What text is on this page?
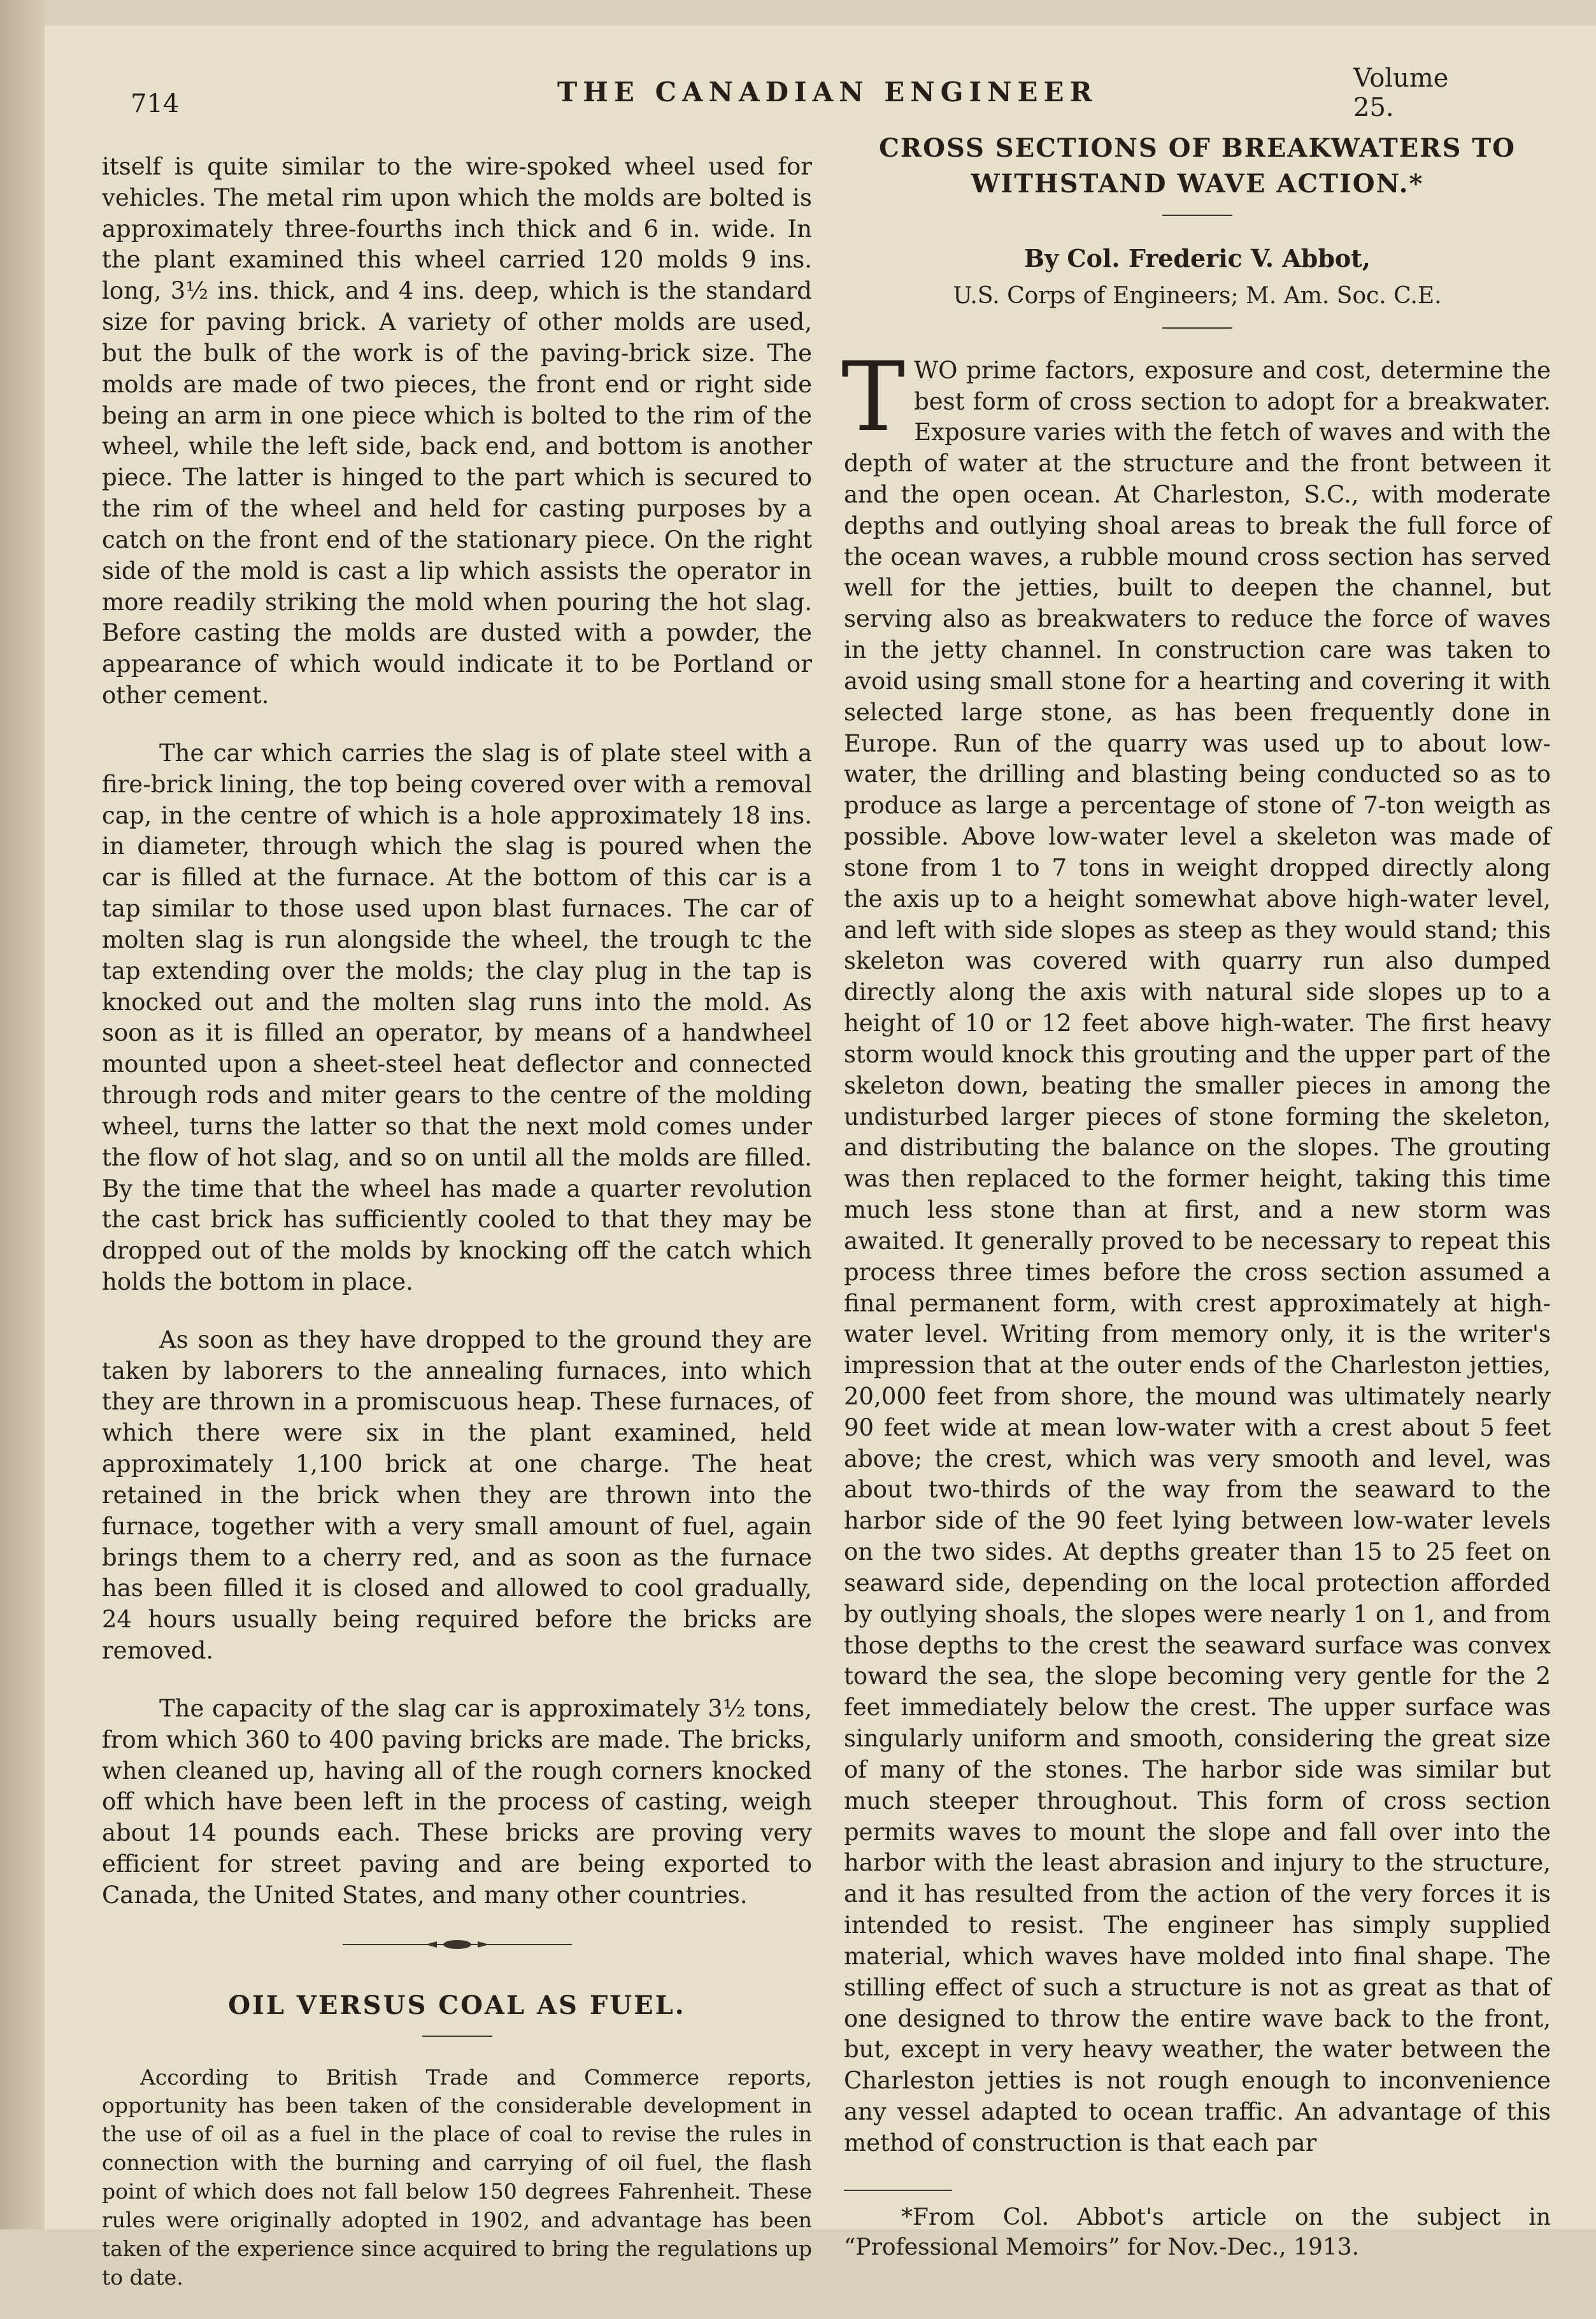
714	THE CANADIAN ENGINEER	Volume 25.

itself is quite similar to the wire-spoked wheel used for vehicles. The metal rim upon which the molds are bolted is approximately three-fourths inch thick and 6 in. wide. In the plant examined this wheel carried 120 molds 9 ins. long, 3½ ins. thick, and 4 ins. deep, which is the standard size for paving brick. A variety of other molds are used, but the bulk of the work is of the paving-brick size. The molds are made of two pieces, the front end or right side being an arm in one piece which is bolted to the rim of the wheel, while the left side, back end, and bottom is another piece. The latter is hinged to the part which is secured to the rim of the wheel and held for casting purposes by a catch on the front end of the stationary piece. On the right side of the mold is cast a lip which assists the operator in more readily striking the mold when pouring the hot slag. Before casting the molds are dusted with a powder, the appearance of which would indicate it to be Portland or other cement.

The car which carries the slag is of plate steel with a fire-brick lining, the top being covered over with a removal cap, in the centre of which is a hole approximately 18 ins. in diameter, through which the slag is poured when the car is filled at the furnace. At the bottom of this car is a tap similar to those used upon blast furnaces. The car of molten slag is run alongside the wheel, the trough tc the tap extending over the molds; the clay plug in the tap is knocked out and the molten slag runs into the mold. As soon as it is filled an operator, by means of a handwheel mounted upon a sheet-steel heat deflector and connected through rods and miter gears to the centre of the molding wheel, turns the latter so that the next mold comes under the flow of hot slag, and so on until all the molds are filled. By the time that the wheel has made a quarter revolution the cast brick has sufficiently cooled to that they may be dropped out of the molds by knocking off the catch which holds the bottom in place.

As soon as they have dropped to the ground they are taken by laborers to the annealing furnaces, into which they are thrown in a promiscuous heap. These furnaces, of which there were six in the plant examined, held approximately 1,100 brick at one charge. The heat retained in the brick when they are thrown into the furnace, together with a very small amount of fuel, again brings them to a cherry red, and as soon as the furnace has been filled it is closed and allowed to cool gradually, 24 hours usually being required before the bricks are removed.

The capacity of the slag car is approximately 3½ tons, from which 360 to 400 paving bricks are made. The bricks, when cleaned up, having all of the rough corners knocked off which have been left in the process of casting, weigh about 14 pounds each. These bricks are proving very efficient for street paving and are being exported to Canada, the United States, and many other countries.

OIL VERSUS COAL AS FUEL.

According to British Trade and Commerce reports, opportunity has been taken of the considerable development in the use of oil as a fuel in the place of coal to revise the rules in connection with the burning and carrying of oil fuel, the flash point of which does not fall below 150 degrees Fahrenheit. These rules were originally adopted in 1902, and advantage has been taken of the experience since acquired to bring the regulations up to date.

CROSS SECTIONS OF BREAKWATERS TO WITHSTAND WAVE ACTION.*
By Col. Frederic V. Abbot,
U.S. Corps of Engineers; M. Am. Soc. C.E.

TWO prime factors, exposure and cost, determine the best form of cross section to adopt for a breakwater. Exposure varies with the fetch of waves and with the depth of water at the structure and the front between it and the open ocean. At Charleston, S.C., with moderate depths and outlying shoal areas to break the full force of the ocean waves, a rubble mound cross section has served well for the jetties, built to deepen the channel, but serving also as breakwaters to reduce the force of waves in the jetty channel. In construction care was taken to avoid using small stone for a hearting and covering it with selected large stone, as has been frequently done in Europe. Run of the quarry was used up to about low-water, the drilling and blasting being conducted so as to produce as large a percentage of stone of 7-ton weigth as possible. Above low-water level a skeleton was made of stone from 1 to 7 tons in weight dropped directly along the axis up to a height somewhat above high-water level, and left with side slopes as steep as they would stand; this skeleton was covered with quarry run also dumped directly along the axis with natural side slopes up to a height of 10 or 12 feet above high-water. The first heavy storm would knock this grouting and the upper part of the skeleton down, beating the smaller pieces in among the undisturbed larger pieces of stone forming the skeleton, and distributing the balance on the slopes. The grouting was then replaced to the former height, taking this time much less stone than at first, and a new storm was awaited. It generally proved to be necessary to repeat this process three times before the cross section assumed a final permanent form, with crest approximately at high-water level. Writing from memory only, it is the writer's impression that at the outer ends of the Charleston jetties, 20,000 feet from shore, the mound was ultimately nearly 90 feet wide at mean low-water with a crest about 5 feet above; the crest, which was very smooth and level, was about two-thirds of the way from the seaward to the harbor side of the 90 feet lying between low-water levels on the two sides. At depths greater than 15 to 25 feet on seaward side, depending on the local protection afforded by outlying shoals, the slopes were nearly 1 on 1, and from those depths to the crest the seaward surface was convex toward the sea, the slope becoming very gentle for the 2 feet immediately below the crest. The upper surface was singularly uniform and smooth, considering the great size of many of the stones. The harbor side was similar but much steeper throughout. This form of cross section permits waves to mount the slope and fall over into the harbor with the least abrasion and injury to the structure, and it has resulted from the action of the very forces it is intended to resist. The engineer has simply supplied material, which waves have molded into final shape. The stilling effect of such a structure is not as great as that of one designed to throw the entire wave back to the front, but, except in very heavy weather, the water between the Charleston jetties is not rough enough to inconvenience any vessel adapted to ocean traffic. An advantage of this method of construction is that each par

*From Col. Abbot's article on the subject in “Professional Memoirs” for Nov.-Dec., 1913.
